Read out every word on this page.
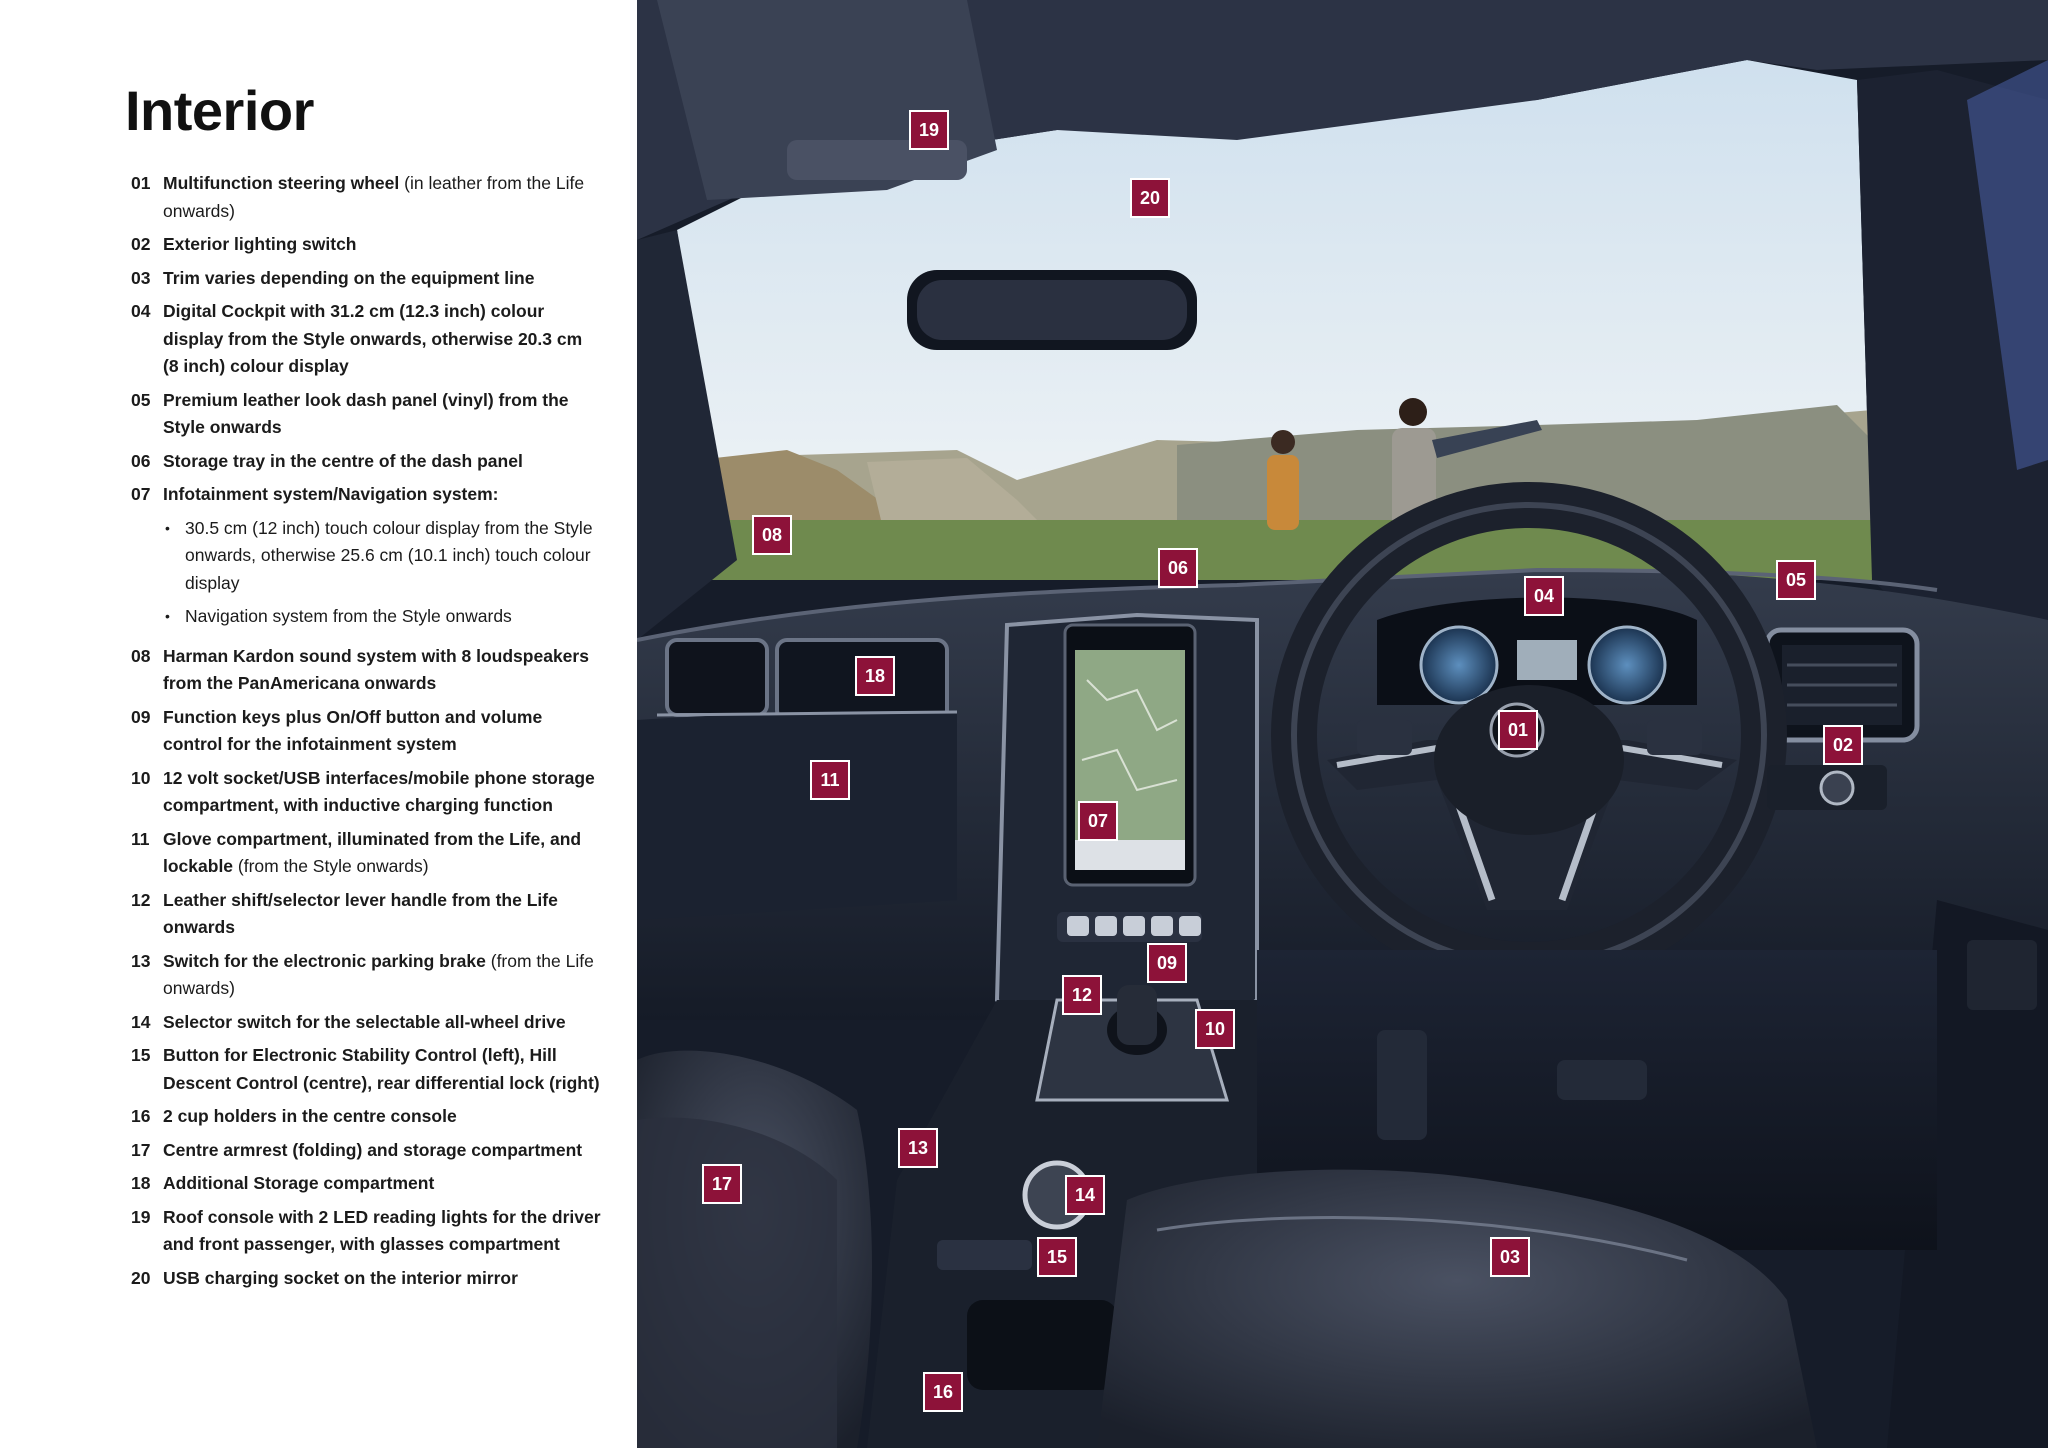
Interior
01 Multifunction steering wheel (in leather from the Life onwards)
02 Exterior lighting switch
03 Trim varies depending on the equipment line
04 Digital Cockpit with 31.2 cm (12.3 inch) colour display from the Style onwards, otherwise 20.3 cm (8 inch) colour display
05 Premium leather look dash panel (vinyl) from the Style onwards
06 Storage tray in the centre of the dash panel
07 Infotainment system/Navigation system:
• 30.5 cm (12 inch) touch colour display from the Style onwards, otherwise 25.6 cm (10.1 inch) touch colour display
• Navigation system from the Style onwards
08 Harman Kardon sound system with 8 loudspeakers from the PanAmericana onwards
09 Function keys plus On/Off button and volume control for the infotainment system
10 12 volt socket/USB interfaces/mobile phone storage compartment, with inductive charging function
11 Glove compartment, illuminated from the Life, and lockable (from the Style onwards)
12 Leather shift/selector lever handle from the Life onwards
13 Switch for the electronic parking brake (from the Life onwards)
14 Selector switch for the selectable all-wheel drive
15 Button for Electronic Stability Control (left), Hill Descent Control (centre), rear differential lock (right)
16 2 cup holders in the centre console
17 Centre armrest (folding) and storage compartment
18 Additional Storage compartment
19 Roof console with 2 LED reading lights for the driver and front passenger, with glasses compartment
20 USB charging socket on the interior mirror
19
20
08
06
04
05
18
01
02
11
07
09
12
10
13
17
14
15	03
16
